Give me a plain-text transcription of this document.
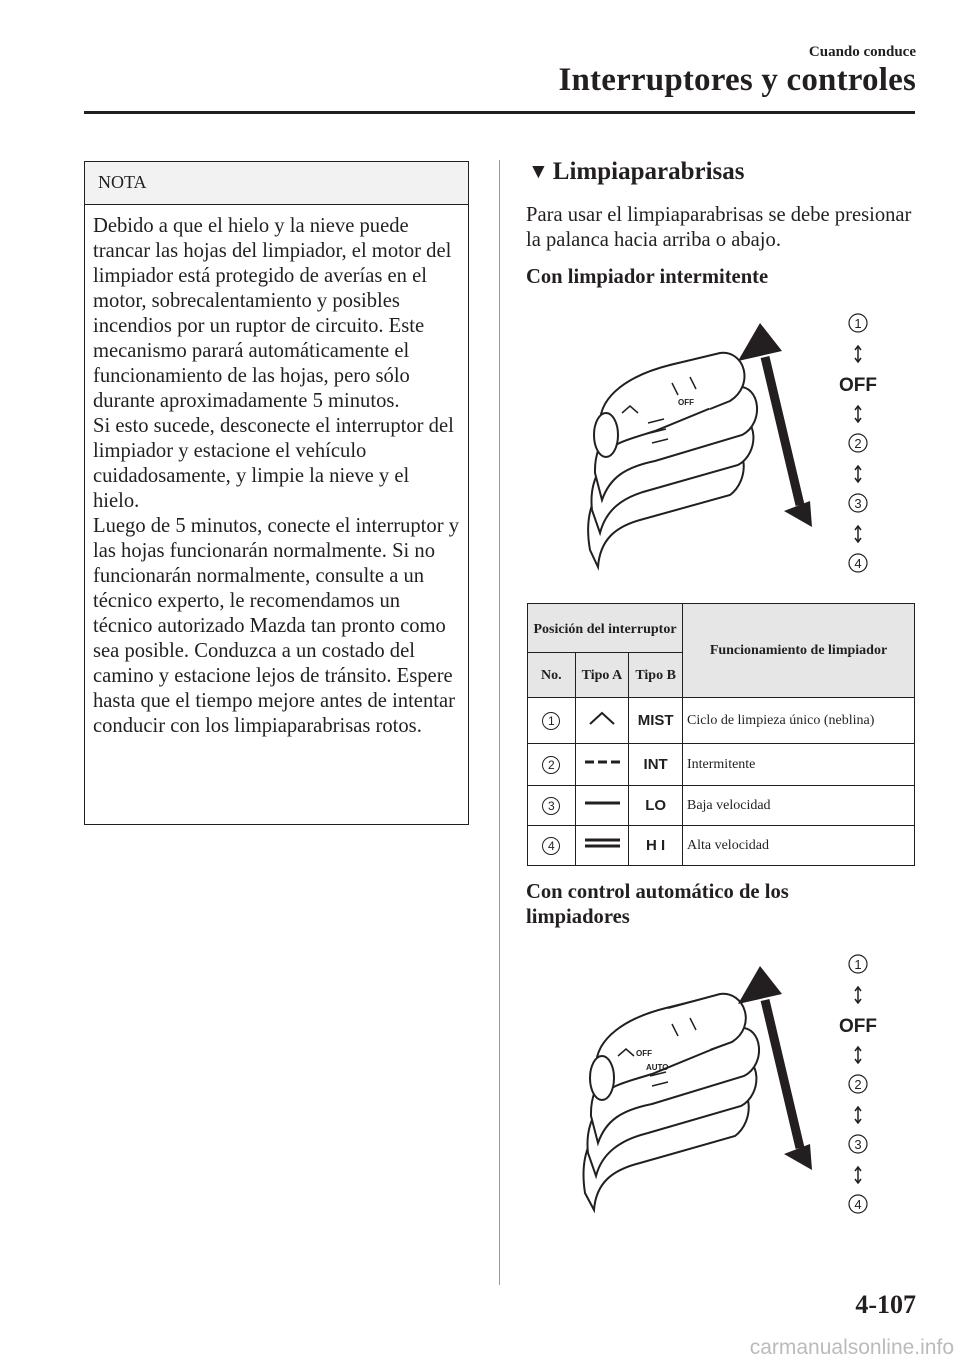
Cuando conduce
Interruptores y controles
NOTA

Debido a que el hielo y la nieve puede trancar las hojas del limpiador, el motor del limpiador está protegido de averías en el motor, sobrecalentamiento y posibles incendios por un ruptor de circuito. Este mecanismo parará automáticamente el funcionamiento de las hojas, pero sólo durante aproximadamente 5 minutos.

Si esto sucede, desconecte el interruptor del limpiador y estacione el vehículo cuidadosamente, y limpie la nieve y el hielo.

Luego de 5 minutos, conecte el interruptor y las hojas funcionarán normalmente. Si no funcionarán normalmente, consulte a un técnico experto, le recomendamos un técnico autorizado Mazda tan pronto como sea posible. Conduzca a un costado del camino y estacione lejos de tránsito. Espere hasta que el tiempo mejore antes de intentar conducir con los limpiaparabrisas rotos.

▼ Limpiaparabrisas
Para usar el limpiaparabrisas se debe presionar la palanca hacia arriba o abajo.
Con limpiador intermitente
OFF
1
OFF
2
3
4
Posición del interruptor			Funcionamiento de limpiador
No.	Tipo A	Tipo B	
1		MIST	Ciclo de limpieza único (neblina)
2		INT	Intermitente
3		LO	Baja velocidad
4		H I	Alta velocidad
Con control automático de los limpiadores
OFF
AUTO
1
OFF
2
3
4
4-107
carmanualsonline.info
